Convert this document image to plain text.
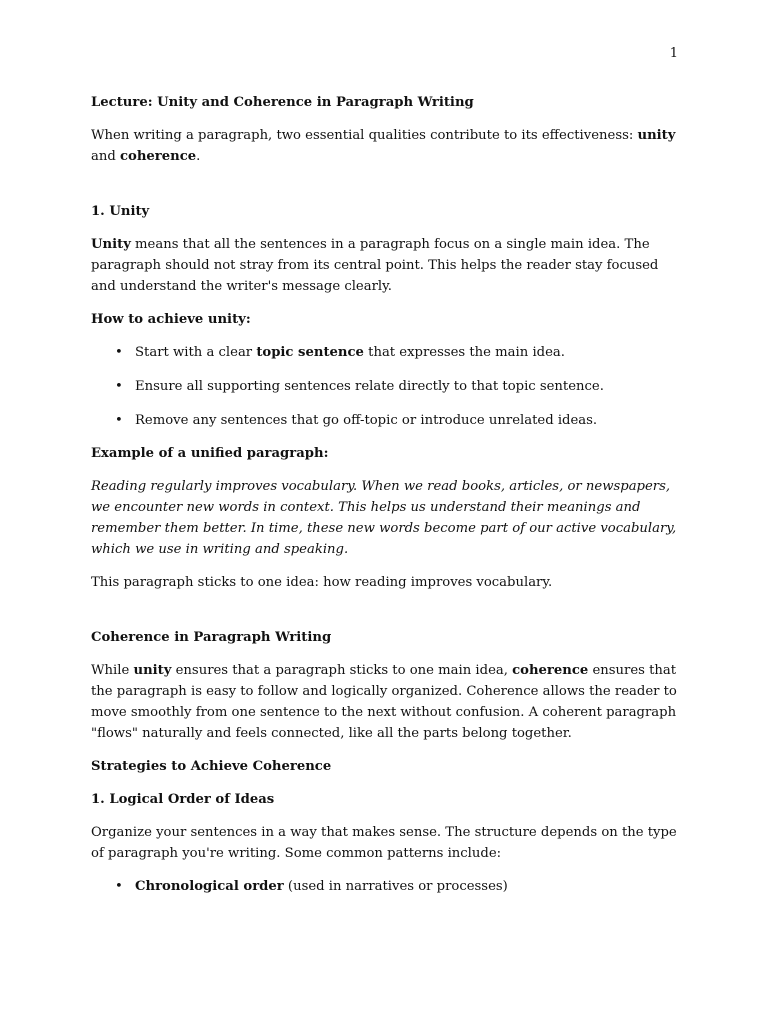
1

Lecture: Unity and Coherence in Paragraph Writing

When writing a paragraph, two essential qualities contribute to its effectiveness: unity and coherence.

1. Unity

Unity means that all the sentences in a paragraph focus on a single main idea. The paragraph should not stray from its central point. This helps the reader stay focused and understand the writer's message clearly.

How to achieve unity:

• Start with a clear topic sentence that expresses the main idea.
• Ensure all supporting sentences relate directly to that topic sentence.
• Remove any sentences that go off-topic or introduce unrelated ideas.

Example of a unified paragraph:

Reading regularly improves vocabulary. When we read books, articles, or newspapers, we encounter new words in context. This helps us understand their meanings and remember them better. In time, these new words become part of our active vocabulary, which we use in writing and speaking.

This paragraph sticks to one idea: how reading improves vocabulary.

Coherence in Paragraph Writing

While unity ensures that a paragraph sticks to one main idea, coherence ensures that the paragraph is easy to follow and logically organized. Coherence allows the reader to move smoothly from one sentence to the next without confusion. A coherent paragraph "flows" naturally and feels connected, like all the parts belong together.

Strategies to Achieve Coherence

1. Logical Order of Ideas

Organize your sentences in a way that makes sense. The structure depends on the type of paragraph you're writing. Some common patterns include:

• Chronological order (used in narratives or processes)
